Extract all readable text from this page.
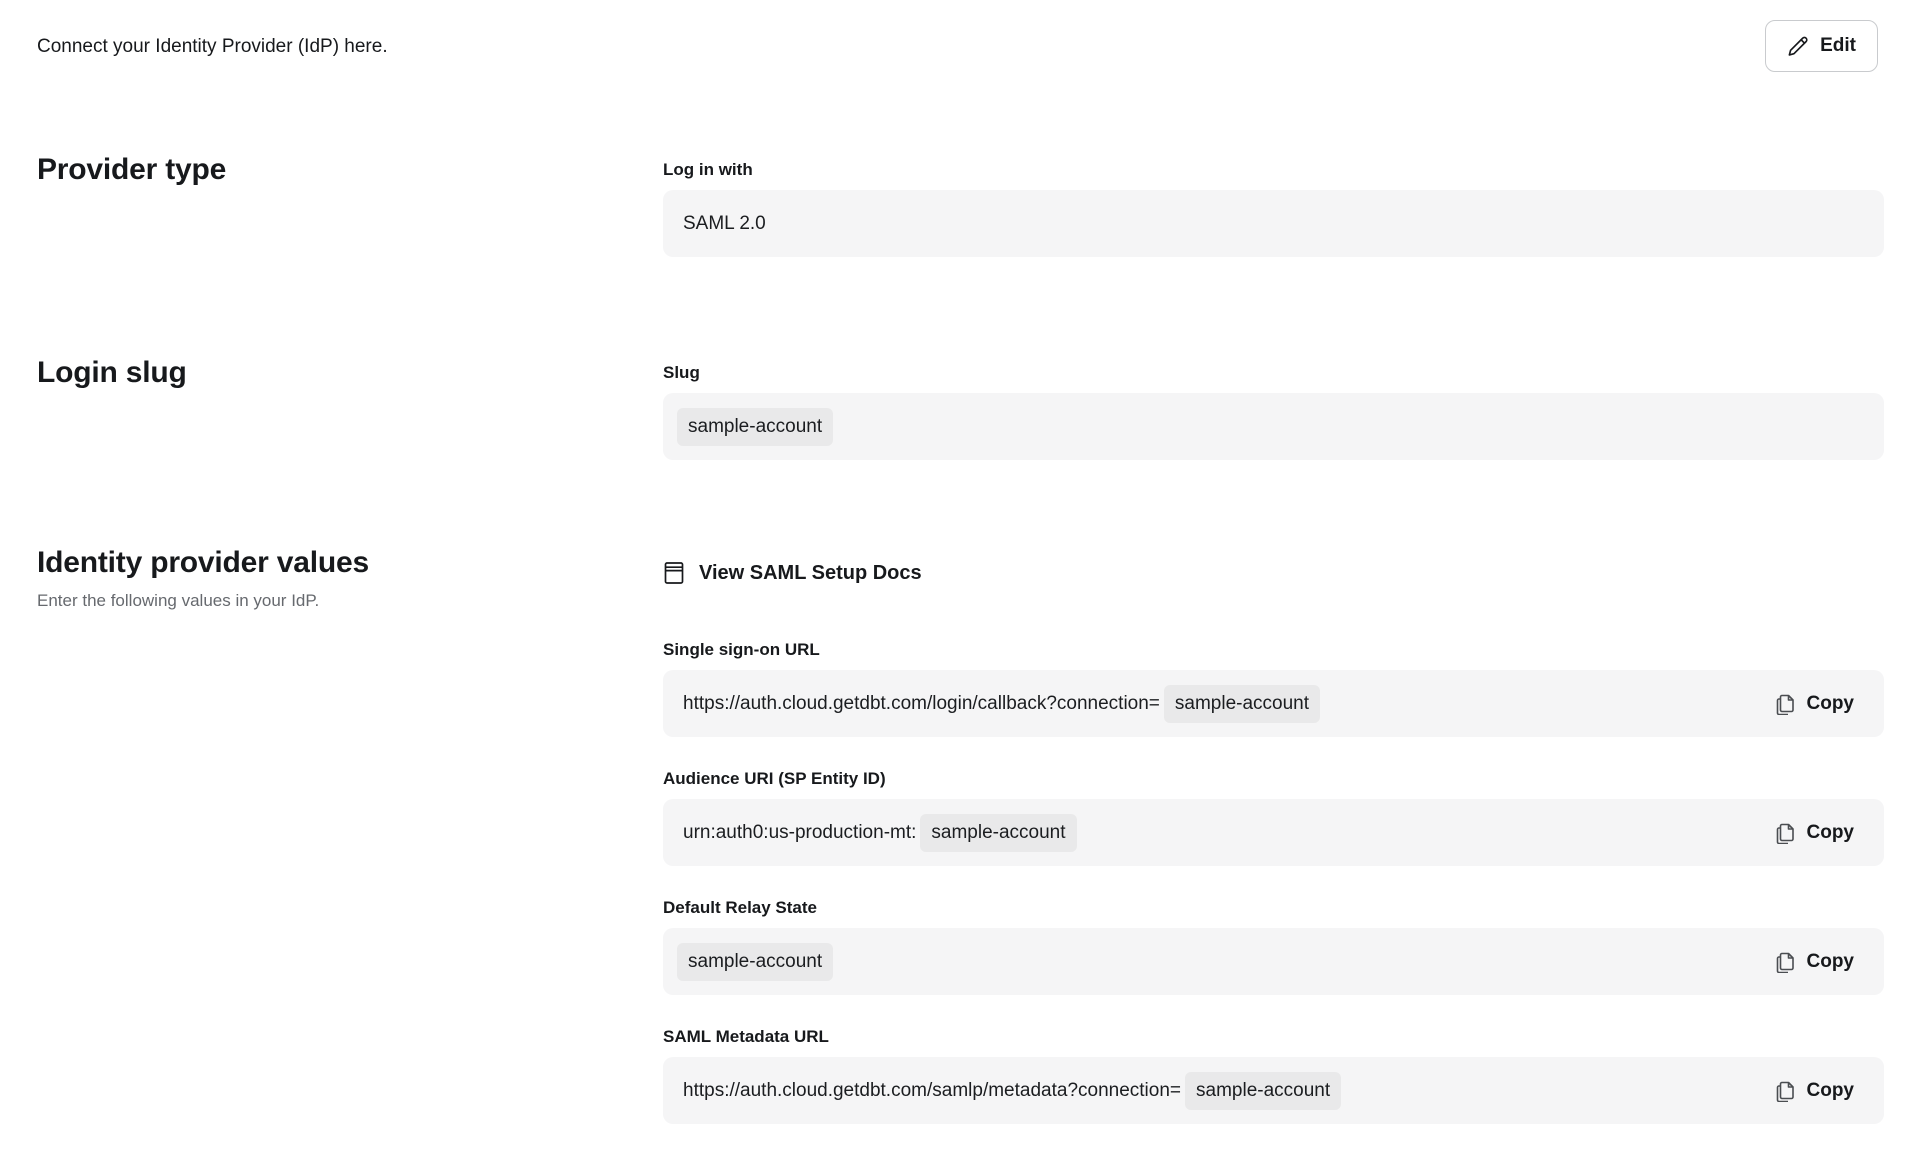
Connect your Identity Provider (IdP) here.	Edit
Provider type	Log in with
SAML 2.0
Login slug	Slug
sample-account
Identity provider values
Enter the following values in your IdP.
View SAML Setup Docs
Single sign-on URL
https://auth.cloud.getdbt.com/login/callback?connection= sample-account	Copy
Audience URI (SP Entity ID)
urn:auth0:us-production-mt: sample-account	Copy
Default Relay State
sample-account	Copy
SAML Metadata URL
https://auth.cloud.getdbt.com/samlp/metadata?connection= sample-account	Copy
